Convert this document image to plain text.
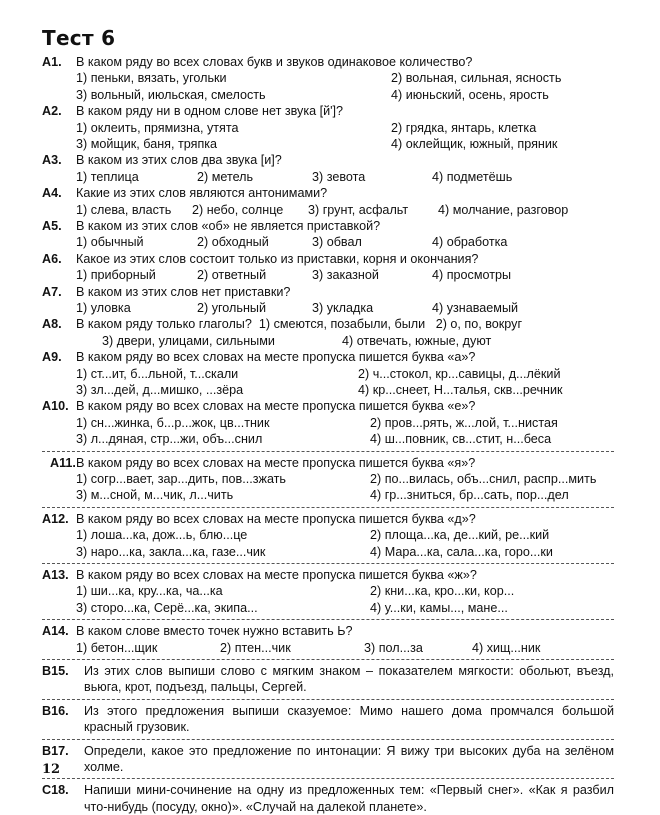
Тест 6
А1. В каком ряду во всех словах букв и звуков одинаковое количество?
1) пеньки, вязать, угольки	2) вольная, сильная, ясность
3) вольный, июльская, смелость	4) июньский, осень, ярость
А2. В каком ряду ни в одном слове нет звука [й']?
1) оклеить, прямизна, утята	2) грядка, янтарь, клетка
3) мойщик, баня, тряпка	4) оклейщик, южный, пряник
А3. В каком из этих слов два звука [и]?
1) теплица	2) метель	3) зевота	4) подметёшь
А4. Какие из этих слов являются антонимами?
1) слева, власть 2) небо, солнце 3) грунт, асфальт 4) молчание, разговор
А5. В каком из этих слов «об» не является приставкой?
1) обычный	2) обходный	3) обвал	4) обработка
А6. Какое из этих слов состоит только из приставки, корня и окончания?
1) приборный	2) ответный	3) заказной	4) просмотры
А7. В каком из этих слов нет приставки?
1) уловка	2) угольный	3) укладка	4) узнаваемый
А8. В каком ряду только глаголы? 1) смеются, позабыли, были 2) о, по, вокруг
3) двери, улицами, сильными	4) отвечать, южные, дуют
А9. В каком ряду во всех словах на месте пропуска пишется буква «а»?
1) ст...ит, б...льной, т...скали	2) ч...стокол, кр...савицы, д...лёкий
3) зл...дей, д...мишко, ...зёра	4) кр...снеет, Н...талья, скв...речник
А10. В каком ряду во всех словах на месте пропуска пишется буква «е»?
1) сн...жинка, б...р...жок, цв...тник	2) пров...рять, ж...лой, т...нистая
3) л...дяная, стр...жи, объ...снил	4) ш...повник, св...стит, н...беса
А11. В каком ряду во всех словах на месте пропуска пишется буква «я»?
1) согр...вает, зар...дить, пов...зжать	2) по...вилась, объ...снил, распр...мить
3) м...сной, м...чик, л...чить	4) гр...зниться, бр...сать, пор...дел
А12. В каком ряду во всех словах на месте пропуска пишется буква «д»?
1) лоша...ка, дож...ь, блю...це	2) площа...ка, де...кий, ре...кий
3) наро...ка, закла...ка, газе...чик	4) Мара...ка, сала...ка, горо...ки
А13. В каком ряду во всех словах на месте пропуска пишется буква «ж»?
1) ши...ка, кру...ка, ча...ка	2) кни...ка, кро...ки, кор...
3) сторо...ка, Серё...ка, экипа...	4) у...ки, камы..., мане...
А14. В каком слове вместо точек нужно вставить Ь?
1) бетон...щик	2) птен...чик	3) пол...за	4) хищ...ник
В15. Из этих слов выпиши слово с мягким знаком – показателем мягкости: обольют, въезд, вьюга, крот, подъезд, пальцы, Сергей.
В16. Из этого предложения выпиши сказуемое: Мимо нашего дома промчался большой красный грузовик.
В17. Определи, какое это предложение по интонации: Я вижу три высоких дуба на зелёном холме.
С18. Напиши мини-сочинение на одну из предложенных тем: «Первый снег». «Как я разбил что-нибудь (посуду, окно)». «Случай на далекой планете».
12
